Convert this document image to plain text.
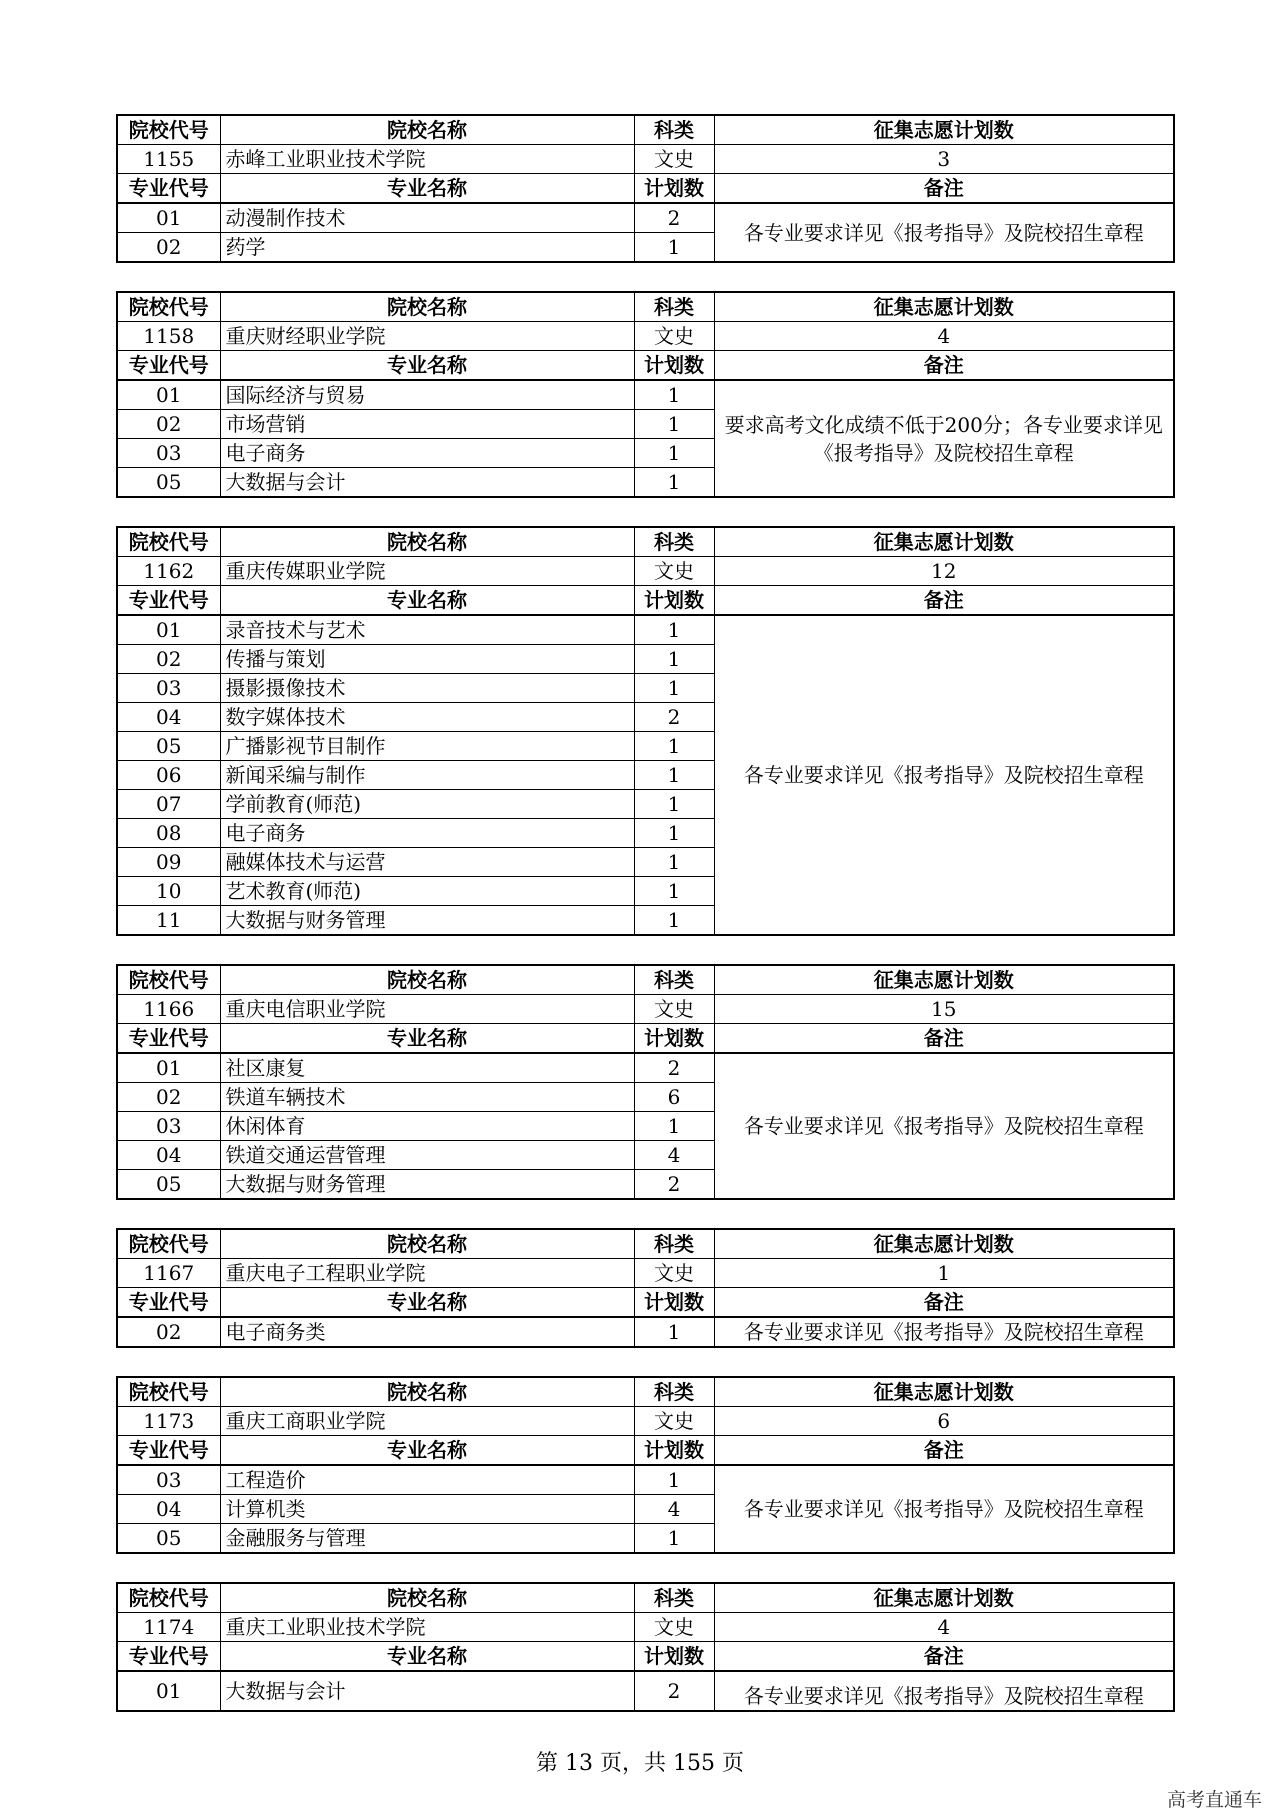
院校代号	院校名称	科类	征集志愿计划数
1155	赤峰工业职业技术学院	文史	3
专业代号	专业名称	计划数	备注
01	动漫制作技术	2	各专业要求详见《报考指导》及院校招生章程
02	药学	1	
院校代号	院校名称	科类	征集志愿计划数
1158	重庆财经职业学院	文史	4
专业代号	专业名称	计划数	备注
01	国际经济与贸易	1	要求高考文化成绩不低于200分；各专业要求详见《报考指导》及院校招生章程
02	市场营销	1	
03	电子商务	1	
05	大数据与会计	1	
院校代号	院校名称	科类	征集志愿计划数
1162	重庆传媒职业学院	文史	12
专业代号	专业名称	计划数	备注
01	录音技术与艺术	1	各专业要求详见《报考指导》及院校招生章程
02	传播与策划	1	
03	摄影摄像技术	1	
04	数字媒体技术	2	
05	广播影视节目制作	1	
06	新闻采编与制作	1	
07	学前教育(师范)	1	
08	电子商务	1	
09	融媒体技术与运营	1	
10	艺术教育(师范)	1	
11	大数据与财务管理	1	
院校代号	院校名称	科类	征集志愿计划数
1166	重庆电信职业学院	文史	15
专业代号	专业名称	计划数	备注
01	社区康复	2	各专业要求详见《报考指导》及院校招生章程
02	铁道车辆技术	6	
03	休闲体育	1	
04	铁道交通运营管理	4	
05	大数据与财务管理	2	
院校代号	院校名称	科类	征集志愿计划数
1167	重庆电子工程职业学院	文史	1
专业代号	专业名称	计划数	备注
02	电子商务类	1	各专业要求详见《报考指导》及院校招生章程
院校代号	院校名称	科类	征集志愿计划数
1173	重庆工商职业学院	文史	6
专业代号	专业名称	计划数	备注
03	工程造价	1	各专业要求详见《报考指导》及院校招生章程
04	计算机类	4	
05	金融服务与管理	1	
院校代号	院校名称	科类	征集志愿计划数
1174	重庆工业职业技术学院	文史	4
专业代号	专业名称	计划数	备注
01	大数据与会计	2	各专业要求详见《报考指导》及院校招生章程
第 13 页，共 155 页
高考直通车
